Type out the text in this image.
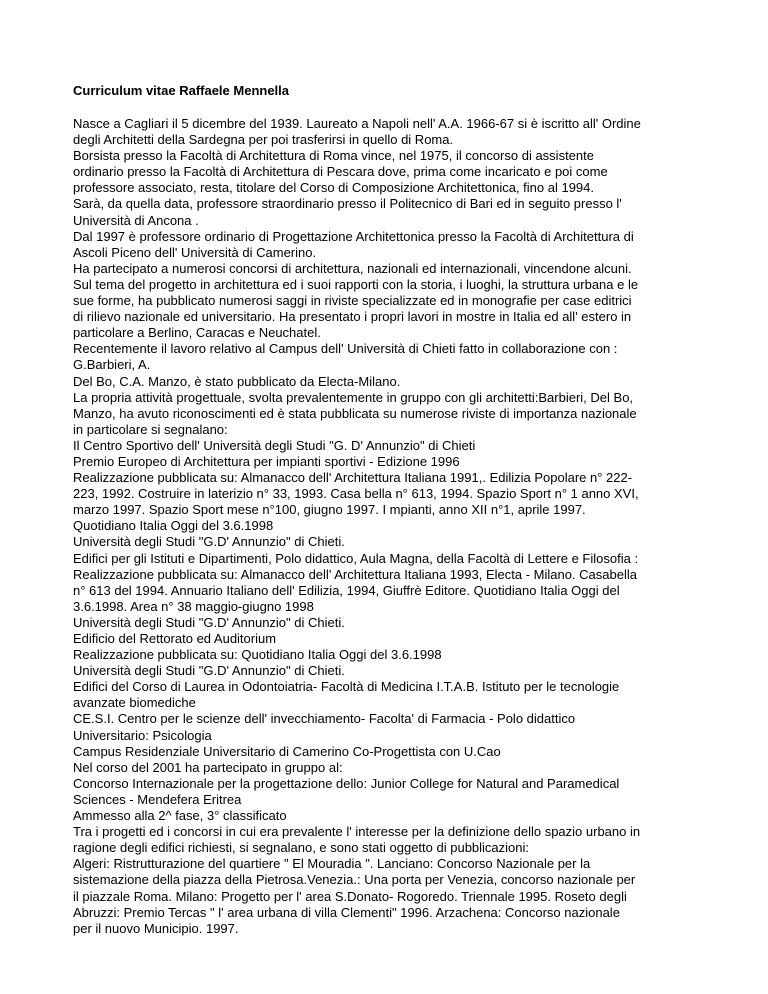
Curriculum vitae Raffaele Mennella
Nasce a Cagliari il 5 dicembre del 1939. Laureato a Napoli nell' A.A. 1966-67 si è iscritto all' Ordine
degli Architetti della Sardegna per poi trasferirsi in quello di Roma.
Borsista presso la Facoltà di Architettura di Roma vince, nel 1975, il concorso di assistente
ordinario presso la Facoltà di Architettura di Pescara dove, prima come incaricato e poi come
professore associato, resta, titolare del Corso di Composizione Architettonica, fino al 1994.
Sarà, da quella data, professore straordinario presso il Politecnico di Bari ed in seguito presso l'
Università di Ancona .
Dal 1997 è professore ordinario di Progettazione Architettonica presso la Facoltà di Architettura di
Ascoli Piceno dell' Università di Camerino.
Ha partecipato a numerosi concorsi di architettura, nazionali ed internazionali, vincendone alcuni.
Sul tema del progetto in architettura ed i suoi rapporti con la storia, i luoghi, la struttura urbana e le
sue forme, ha pubblicato numerosi saggi in riviste specializzate ed in monografie per case editrici
di rilievo nazionale ed universitario. Ha presentato i propri lavori in mostre in Italia ed all' estero in
particolare a Berlino, Caracas e Neuchatel.
Recentemente il lavoro relativo al Campus dell' Università di Chieti fatto in collaborazione con :
G.Barbieri, A.
Del Bo, C.A. Manzo, è stato pubblicato da Electa-Milano.
La propria attività progettuale, svolta prevalentemente in gruppo con gli architetti:Barbieri, Del Bo,
Manzo, ha avuto riconoscimenti ed è stata pubblicata su numerose riviste di importanza nazionale
in particolare si segnalano:
Il Centro Sportivo dell' Università degli Studi "G. D' Annunzio" di Chieti
Premio Europeo di Architettura per impianti sportivi - Edizione 1996
Realizzazione pubblicata su: Almanacco dell' Architettura Italiana 1991,. Edilizia Popolare n° 222-
223, 1992. Costruire in laterizio n° 33, 1993. Casa bella n° 613, 1994. Spazio Sport n° 1 anno XVI,
marzo 1997. Spazio Sport mese n°100, giugno 1997. I mpianti, anno XII n°1, aprile 1997.
Quotidiano Italia Oggi del 3.6.1998
Università degli Studi "G.D' Annunzio" di Chieti.
Edifici per gli Istituti e Dipartimenti, Polo didattico, Aula Magna, della Facoltà di Lettere e Filosofia :
Realizzazione pubblicata su: Almanacco dell' Architettura Italiana 1993, Electa - Milano. Casabella
n° 613 del 1994. Annuario Italiano dell' Edilizia, 1994, Giuffrè Editore. Quotidiano Italia Oggi del
3.6.1998. Area n° 38 maggio-giugno 1998
Università degli Studi "G.D' Annunzio" di Chieti.
Edificio del Rettorato ed Auditorium
Realizzazione pubblicata su: Quotidiano Italia Oggi del 3.6.1998
Università degli Studi "G.D' Annunzio" di Chieti.
Edifici del Corso di Laurea in Odontoiatria- Facoltà di Medicina I.T.A.B. Istituto per le tecnologie
avanzate biomediche
CE.S.I. Centro per le scienze dell' invecchiamento- Facolta' di Farmacia - Polo didattico
Universitario: Psicologia
Campus Residenziale Universitario di Camerino Co-Progettista con U.Cao
Nel corso del 2001 ha partecipato in gruppo al:
Concorso Internazionale per la progettazione dello: Junior College for Natural and Paramedical
Sciences - Mendefera Eritrea
Ammesso alla 2^ fase, 3° classificato
Tra i progetti ed i concorsi in cui era prevalente l' interesse per la definizione dello spazio urbano in
ragione degli edifici richiesti, si segnalano, e sono stati oggetto di pubblicazioni:
Algeri: Ristrutturazione del quartiere " El Mouradia ". Lanciano: Concorso Nazionale per la
sistemazione della piazza della Pietrosa.Venezia.: Una porta per Venezia, concorso nazionale per
il piazzale Roma. Milano: Progetto per l' area S.Donato- Rogoredo. Triennale 1995. Roseto degli
Abruzzi: Premio Tercas " l' area urbana di villa Clementi" 1996. Arzachena: Concorso nazionale
per il nuovo Municipio. 1997.
